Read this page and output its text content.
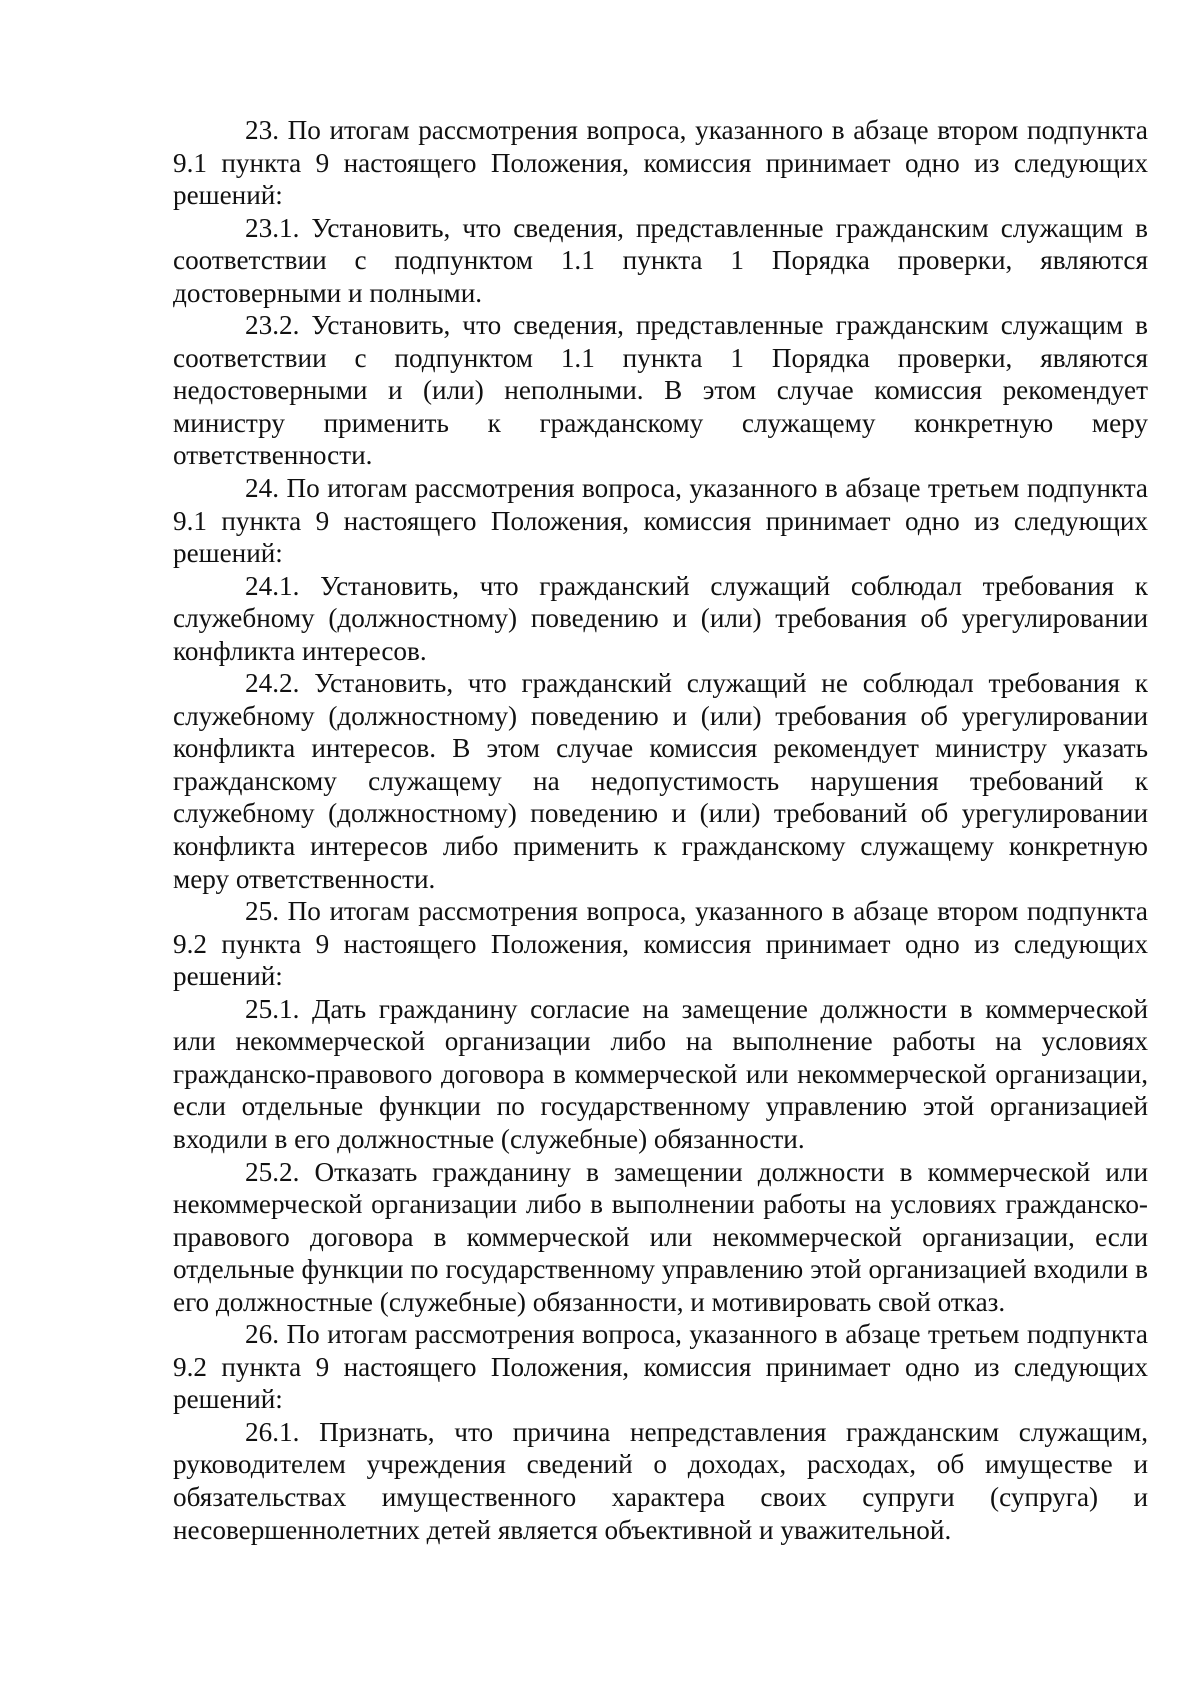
23. По итогам рассмотрения вопроса, указанного в абзаце втором подпункта 9.1 пункта 9 настоящего Положения, комиссия принимает одно из следующих решений:

23.1. Установить, что сведения, представленные гражданским служащим в соответствии с подпунктом 1.1 пункта 1 Порядка проверки, являются достоверными и полными.

23.2. Установить, что сведения, представленные гражданским служащим в соответствии с подпунктом 1.1 пункта 1 Порядка проверки, являются недостоверными и (или) неполными. В этом случае комиссия рекомендует министру применить к гражданскому служащему конкретную меру ответственности.

24. По итогам рассмотрения вопроса, указанного в абзаце третьем подпункта 9.1 пункта 9 настоящего Положения, комиссия принимает одно из следующих решений:

24.1. Установить, что гражданский служащий соблюдал требования к служебному (должностному) поведению и (или) требования об урегулировании конфликта интересов.

24.2. Установить, что гражданский служащий не соблюдал требования к служебному (должностному) поведению и (или) требования об урегулировании конфликта интересов. В этом случае комиссия рекомендует министру указать гражданскому служащему на недопустимость нарушения требований к служебному (должностному) поведению и (или) требований об урегулировании конфликта интересов либо применить к гражданскому служащему конкретную меру ответственности.

25. По итогам рассмотрения вопроса, указанного в абзаце втором подпункта 9.2 пункта 9 настоящего Положения, комиссия принимает одно из следующих решений:

25.1. Дать гражданину согласие на замещение должности в коммерческой или некоммерческой организации либо на выполнение работы на условиях гражданско-правового договора в коммерческой или некоммерческой организации, если отдельные функции по государственному управлению этой организацией входили в его должностные (служебные) обязанности.

25.2. Отказать гражданину в замещении должности в коммерческой или некоммерческой организации либо в выполнении работы на условиях гражданско-правового договора в коммерческой или некоммерческой организации, если отдельные функции по государственному управлению этой организацией входили в его должностные (служебные) обязанности, и мотивировать свой отказ.

26. По итогам рассмотрения вопроса, указанного в абзаце третьем подпункта 9.2 пункта 9 настоящего Положения, комиссия принимает одно из следующих решений:

26.1. Признать, что причина непредставления гражданским служащим, руководителем учреждения сведений о доходах, расходах, об имуществе и обязательствах имущественного характера своих супруги (супруга) и несовершеннолетних детей является объективной и уважительной.
